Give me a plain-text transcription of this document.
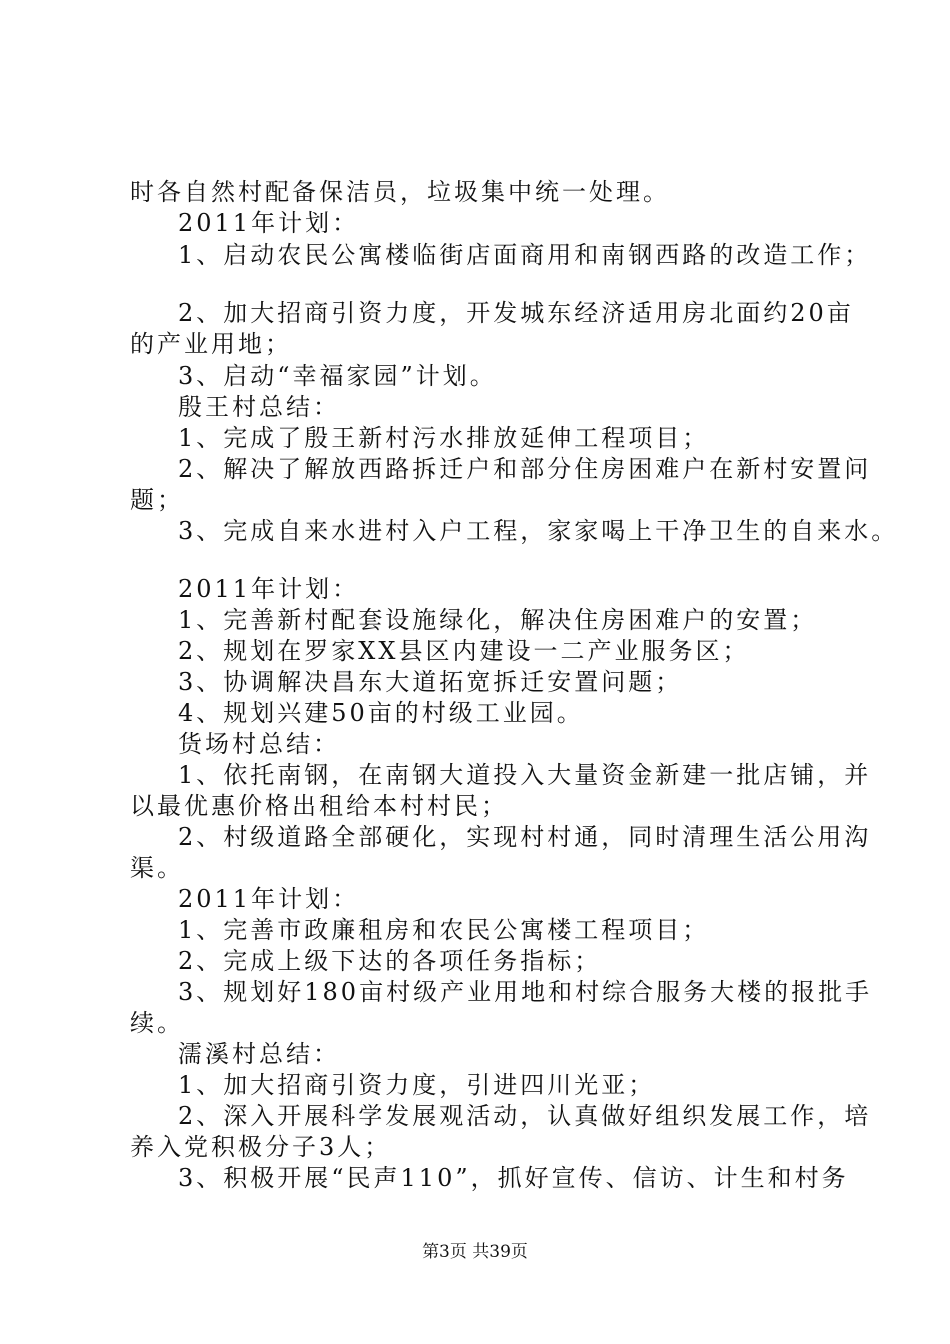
时各自然村配备保洁员，垃圾集中统一处理。
2011年计划：
1、启动农民公寓楼临街店面商用和南钢西路的改造工作；
2、加大招商引资力度，开发城东经济适用房北面约20亩
的产业用地；
3、启动“幸福家园”计划。
殷王村总结：
1、完成了殷王新村污水排放延伸工程项目；
2、解决了解放西路拆迁户和部分住房困难户在新村安置问
题；
3、完成自来水进村入户工程，家家喝上干净卫生的自来水。
2011年计划：
1、完善新村配套设施绿化，解决住房困难户的安置；
2、规划在罗家XX县区内建设一二产业服务区；
3、协调解决昌东大道拓宽拆迁安置问题；
4、规划兴建50亩的村级工业园。
货场村总结：
1、依托南钢，在南钢大道投入大量资金新建一批店铺，并
以最优惠价格出租给本村村民；
2、村级道路全部硬化，实现村村通，同时清理生活公用沟
渠。
2011年计划：
1、完善市政廉租房和农民公寓楼工程项目；
2、完成上级下达的各项任务指标；
3、规划好180亩村级产业用地和村综合服务大楼的报批手
续。
濡溪村总结：
1、加大招商引资力度，引进四川光亚；
2、深入开展科学发展观活动，认真做好组织发展工作，培
养入党积极分子3人；
3、积极开展“民声110”，抓好宣传、信访、计生和村务
第3页 共39页
